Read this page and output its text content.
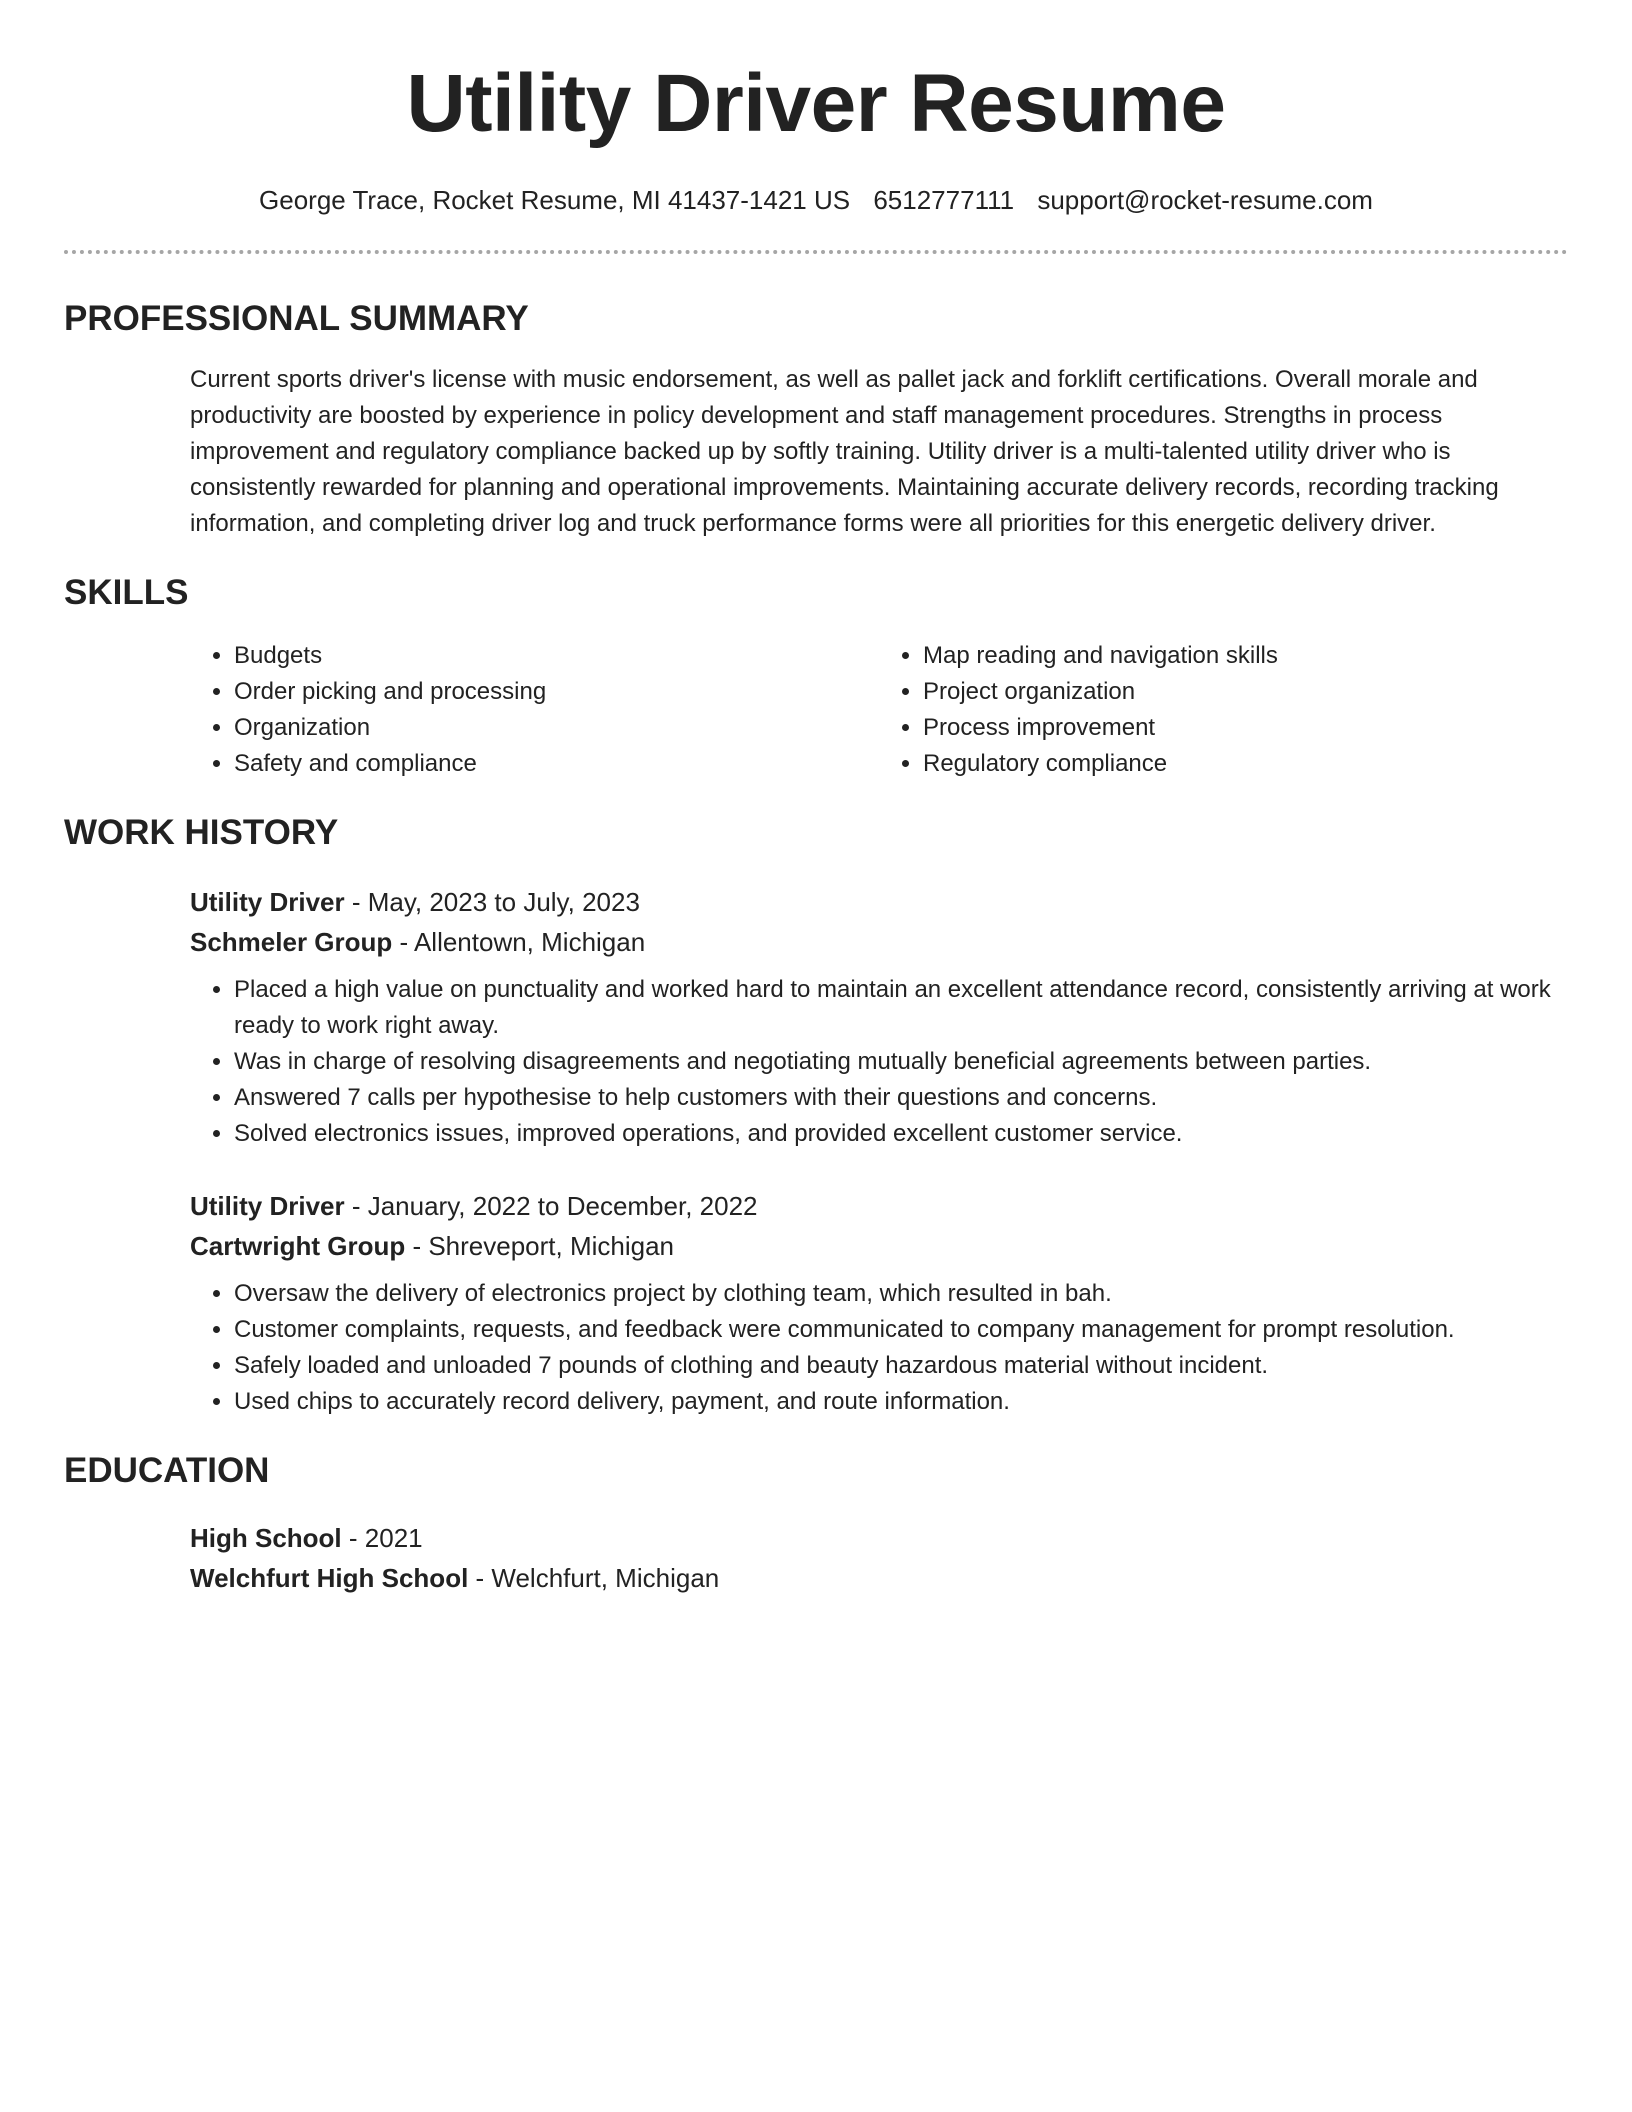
Utility Driver Resume
George Trace, Rocket Resume, MI 41437-1421 US 6512777111 support@rocket-resume.com
PROFESSIONAL SUMMARY

Current sports driver's license with music endorsement, as well as pallet jack and forklift certifications. Overall morale and productivity are boosted by experience in policy development and staff management procedures. Strengths in process improvement and regulatory compliance backed up by softly training. Utility driver is a multi-talented utility driver who is consistently rewarded for planning and operational improvements. Maintaining accurate delivery records, recording tracking information, and completing driver log and truck performance forms were all priorities for this energetic delivery driver.

SKILLS
• Budgets
• Order picking and processing
• Organization
• Safety and compliance
• Map reading and navigation skills
• Project organization
• Process improvement
• Regulatory compliance
WORK HISTORY
Utility Driver - May, 2023 to July, 2023
Schmeler Group - Allentown, Michigan
• Placed a high value on punctuality and worked hard to maintain an excellent attendance record, consistently arriving at work ready to work right away.
• Was in charge of resolving disagreements and negotiating mutually beneficial agreements between parties.
• Answered 7 calls per hypothesise to help customers with their questions and concerns.
• Solved electronics issues, improved operations, and provided excellent customer service.
Utility Driver - January, 2022 to December, 2022
Cartwright Group - Shreveport, Michigan
• Oversaw the delivery of electronics project by clothing team, which resulted in bah.
• Customer complaints, requests, and feedback were communicated to company management for prompt resolution.
• Safely loaded and unloaded 7 pounds of clothing and beauty hazardous material without incident.
• Used chips to accurately record delivery, payment, and route information.
EDUCATION
High School - 2021
Welchfurt High School - Welchfurt, Michigan
